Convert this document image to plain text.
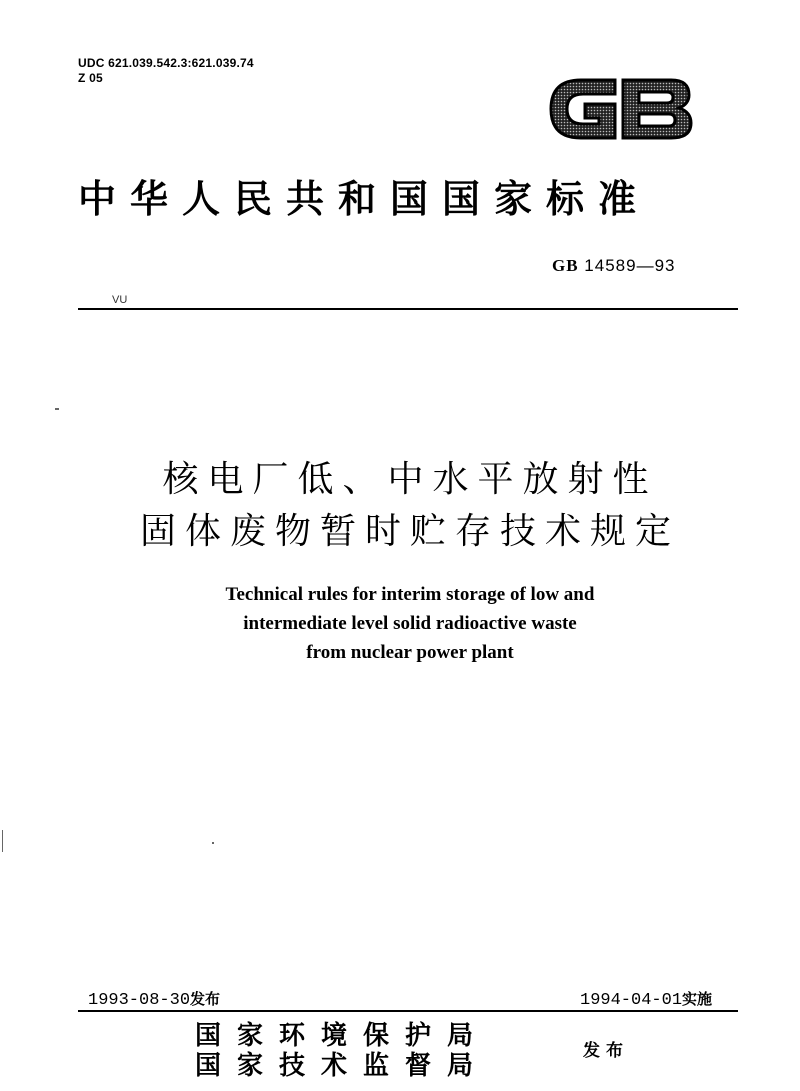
UDC 621.039.542.3:621.039.74
Z 05
中华人民共和国国家标准
GB 14589—93
VU
核电厂低、中水平放射性
固体废物暂时贮存技术规定
Technical rules for interim storage of low and
intermediate level solid radioactive waste
from nuclear power plant
1993-08-30发布	1994-04-01实施
国家环境保护局
国家技术监督局	发布
